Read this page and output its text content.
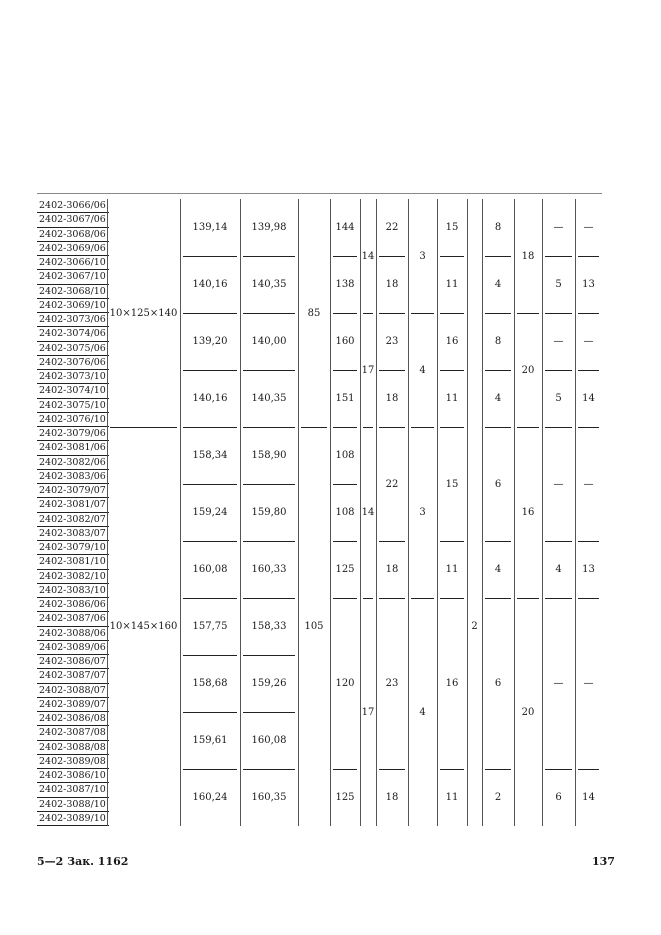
2402-3066/06
2402-3067/06
2402-3068/06
2402-3069/06
2402-3066/10
2402-3067/10
2402-3068/10
2402-3069/10
2402-3073/06
2402-3074/06
2402-3075/06
2402-3076/06
2402-3073/10
2402-3074/10
2402-3075/10
2402-3076/10
2402-3079/06
2402-3081/06
2402-3082/06
2402-3083/06
2402-3079/07
2402-3081/07
2402-3082/07
2402-3083/07
2402-3079/10
2402-3081/10
2402-3082/10
2402-3083/10
2402-3086/06
2402-3087/06
2402-3088/06
2402-3089/06
2402-3086/07
2402-3087/07
2402-3088/07
2402-3089/07
2402-3086/08
2402-3087/08
2402-3088/08
2402-3089/08
2402-3086/10
2402-3087/10
2402-3088/10
2402-3089/10
10×125×140
10×145×160
139,14
140,16
139,20
140,16
158,34
159,24
160,08
157,75
158,68
159,61
160,24
139,98
140,35
140,00
140,35
158,90
159,80
160,33
158,33
159,26
160,08
160,35
85
105
144
138
160
151
108
108
125
120
125
14
17
14
17
22
18
23
18
22
18
23
18
3
4
3
4
15
11
16
11
15
11
16
11
2
8
4
8
4
6
4
6
2
18
20
16
20
—
5
—
5
—
4
—
6
—
13
—
14
—
13
—
14
5—2 Зак. 1162	137
